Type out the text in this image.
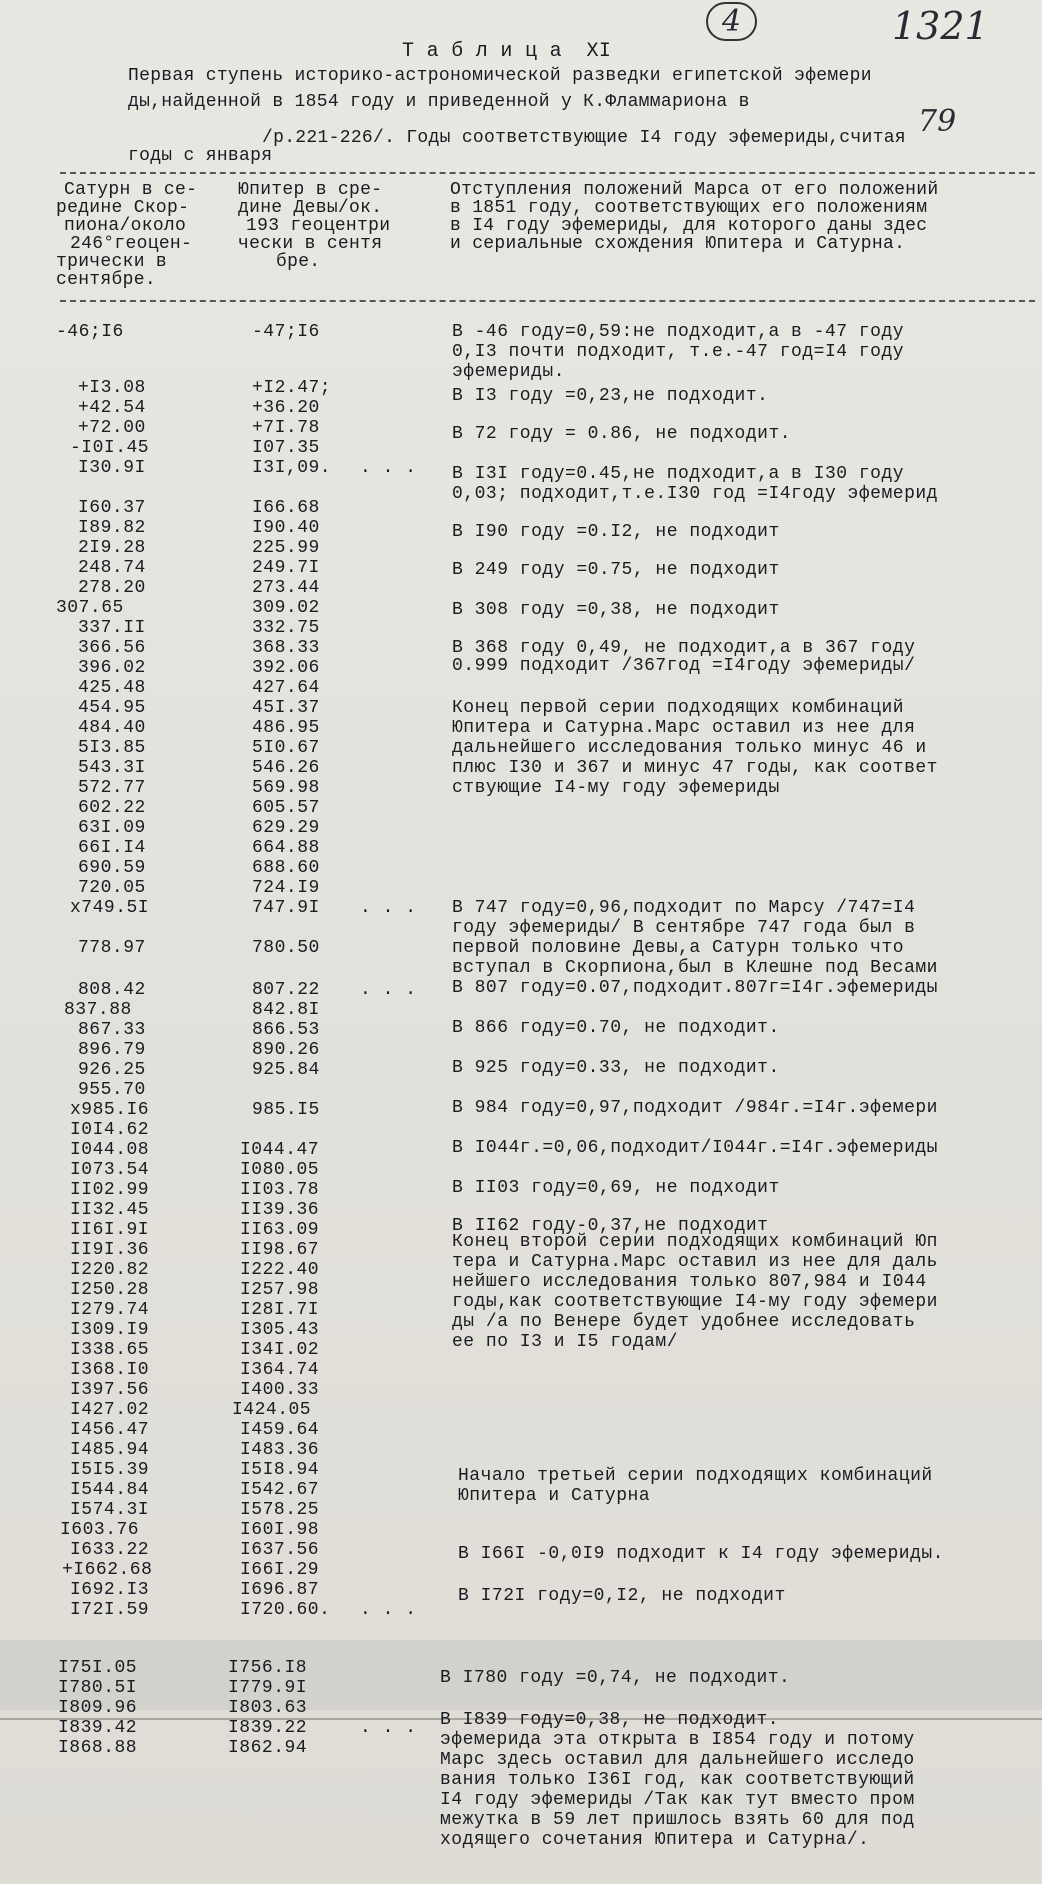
4	1321
79
Т а б л и ц а  XI
Первая ступень историко-астрономической разведки египетской эфемери
ды,найденной в 1854 году и приведенной у К.Фламмариона в
/р.221-226/. Годы соответствующие I4 году эфемериды,считая
годы с января
Сатурн в се-
редине Скор-
пиона/около
246°геоцен-
трически в
сентябре.
Юпитер в сре-
дине Девы/ок.
193 геоцентри
чески в сентя
бре.
Отступления положений Марса от его положений
в 1851 году, соответствующих его положениям
в I4 году эфемериды, для которого даны здес
и сериальные схождения Юпитера и Сатурна.
-46;I6
+I3.08
+42.54
+72.00
-I0I.45
I30.9I
I60.37
I89.82
2I9.28
248.74
278.20
307.65
337.II
366.56
396.02
425.48
454.95
484.40
5I3.85
543.3I
572.77
602.22
63I.09
66I.I4
690.59
720.05
x749.5I
778.97
808.42
837.88
867.33
896.79
926.25
955.70
x985.I6
I0I4.62
I044.08
I073.54
II02.99
II32.45
II6I.9I
II9I.36
I220.82
I250.28
I279.74
I309.I9
I338.65
I368.I0
I397.56
I427.02
I456.47
I485.94
I5I5.39
I544.84
I574.3I
I603.76
I633.22
+I662.68
I692.I3
I72I.59
I75I.05
I780.5I
I809.96
I839.42
I868.88
-47;I6
+I2.47;
+36.20
+7I.78
I07.35
I3I,09.
I66.68
I90.40
225.99
249.7I
273.44
309.02
332.75
368.33
392.06
427.64
45I.37
486.95
5I0.67
546.26
569.98
605.57
629.29
664.88
688.60
724.I9
747.9I
780.50
807.22
842.8I
866.53
890.26
925.84
985.I5
I044.47
I080.05
II03.78
II39.36
II63.09
II98.67
I222.40
I257.98
I28I.7I
I305.43
I34I.02
I364.74
I400.33
I424.05
I459.64
I483.36
I5I8.94
I542.67
I578.25
I60I.98
I637.56
I66I.29
I696.87
I720.60.
I756.I8
I779.9I
I803.63
I839.22
I862.94
. . .
. . .
. . .
. . .
. . .
В -46 году=0,59:не подходит,а в -47 году
0,I3 почти подходит, т.е.-47 год=I4 году
эфемериды.
В I3 году =0,23,не подходит.
В 72 году = 0.86, не подходит.
В I3I году=0.45,не подходит,а в I30 году
0,03; подходит,т.е.I30 год =I4году эфемерид
В I90 году =0.I2, не подходит
В 249 году =0.75, не подходит
В 308 году =0,38, не подходит
В 368 году 0,49, не подходит,а в 367 году
0.999 подходит /367год =I4году эфемериды/
Конец первой серии подходящих комбинаций
Юпитера и Сатурна.Марс оставил из нее для
дальнейшего исследования только минус 46 и
плюс I30 и 367 и минус 47 годы, как соответ
ствующие I4-му году эфемериды
В 747 году=0,96,подходит по Марсу /747=I4
году эфемериды/ В сентябре 747 года был в
первой половине Девы,а Сатурн только что
вступал в Скорпиона,был в Клешне под Весами
В 807 году=0.07,подходит.807г=I4г.эфемериды
В 866 году=0.70, не подходит.
В 925 году=0.33, не подходит.
В 984 году=0,97,подходит /984г.=I4г.эфемери
В I044г.=0,06,подходит/I044г.=I4г.эфемериды
В II03 году=0,69, не подходит
В II62 году-0,37,не подходит
Конец второй серии подходящих комбинаций Юп
тера и Сатурна.Марс оставил из нее для даль
нейшего исследования только 807,984 и I044
годы,как соответствующие I4-му году эфемери
ды /а по Венере будет удобнее исследовать
ее по I3 и I5 годам/
Начало третьей серии подходящих комбинаций
Юпитера и Сатурна
В I66I -0,0I9 подходит к I4 году эфемериды.
В I72I году=0,I2, не подходит
В I780 году =0,74, не подходит.
В I839 году=0,38, не подходит.
эфемерида эта открыта в I854 году и потому
Марс здесь оставил для дальнейшего исследо
вания только I36I год, как соответствующий
I4 году эфемериды /Так как тут вместо пром
межутка в 59 лет пришлось взять 60 для под
ходящего сочетания Юпитера и Сатурна/.
